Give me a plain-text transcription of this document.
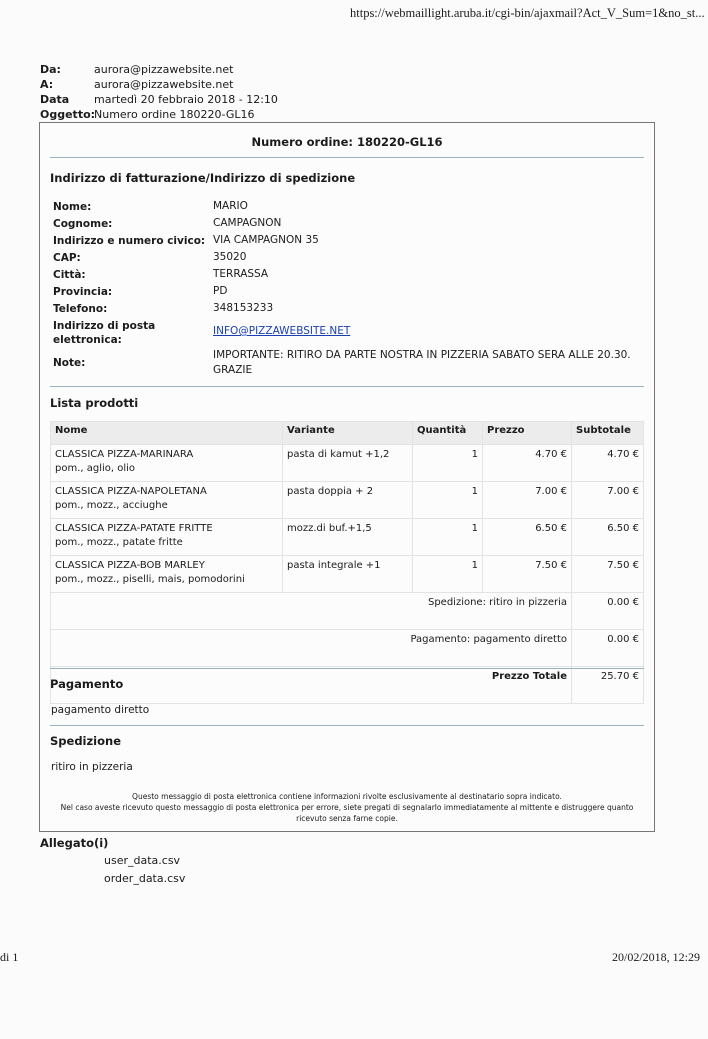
https://webmaillight.aruba.it/cgi-bin/ajaxmail?Act_V_Sum=1&no_st...
Da:	aurora@pizzawebsite.net
A:	aurora@pizzawebsite.net
Data martedì 20 febbraio 2018 - 12:10
Oggetto:
Numero ordine 180220-GL16
Numero ordine: 180220-GL16
Indirizzo di fatturazione/Indirizzo di spedizione
Nome:	MARIO
Cognome:	CAMPAGNON
Indirizzo e numero civico: VIA CAMPAGNON 35
CAP:	35020
Città:	TERRASSA
Provincia:	PD
Telefono:	348153233
Indirizzo di posta
elettronica:
INFO@PIZZAWEBSITE.NET
Note:
IMPORTANTE: RITIRO DA PARTE NOSTRA IN PIZZERIA SABATO SERA ALLE 20.30.
GRAZIE
Lista prodotti
Nome	Variante	Quantità	Prezzo	Subtotale

CLASSICA PIZZA-MARINARA
pom., aglio, olio	pasta di kamut +1,2	1	4.70 €	4.70 €

CLASSICA PIZZA-NAPOLETANA
pom., mozz., acciughe	pasta doppia + 2	1	7.00 €	7.00 €

CLASSICA PIZZA-PATATE FRITTE
pom., mozz., patate fritte	mozz.di buf.+1,5	1	6.50 €	6.50 €

CLASSICA PIZZA-BOB MARLEY
pom., mozz., piselli, mais, pomodorini	pasta integrale +1	1	7.50 €	7.50 €
Spedizione: ritiro in pizzeria				0.00 €
Pagamento: pagamento diretto				0.00 €
Prezzo Totale				25.70 €
Pagamento
pagamento diretto
Spedizione
ritiro in pizzeria
Questo messaggio di posta elettronica contiene informazioni rivolte esclusivamente al destinatario sopra indicato.
Nel caso aveste ricevuto questo messaggio di posta elettronica per errore, siete pregati di segnalarlo immediatamente al mittente e distruggere quanto ricevuto senza farne copie.
Allegato(i)
user_data.csv
order_data.csv
di 1	20/02/2018, 12:29
